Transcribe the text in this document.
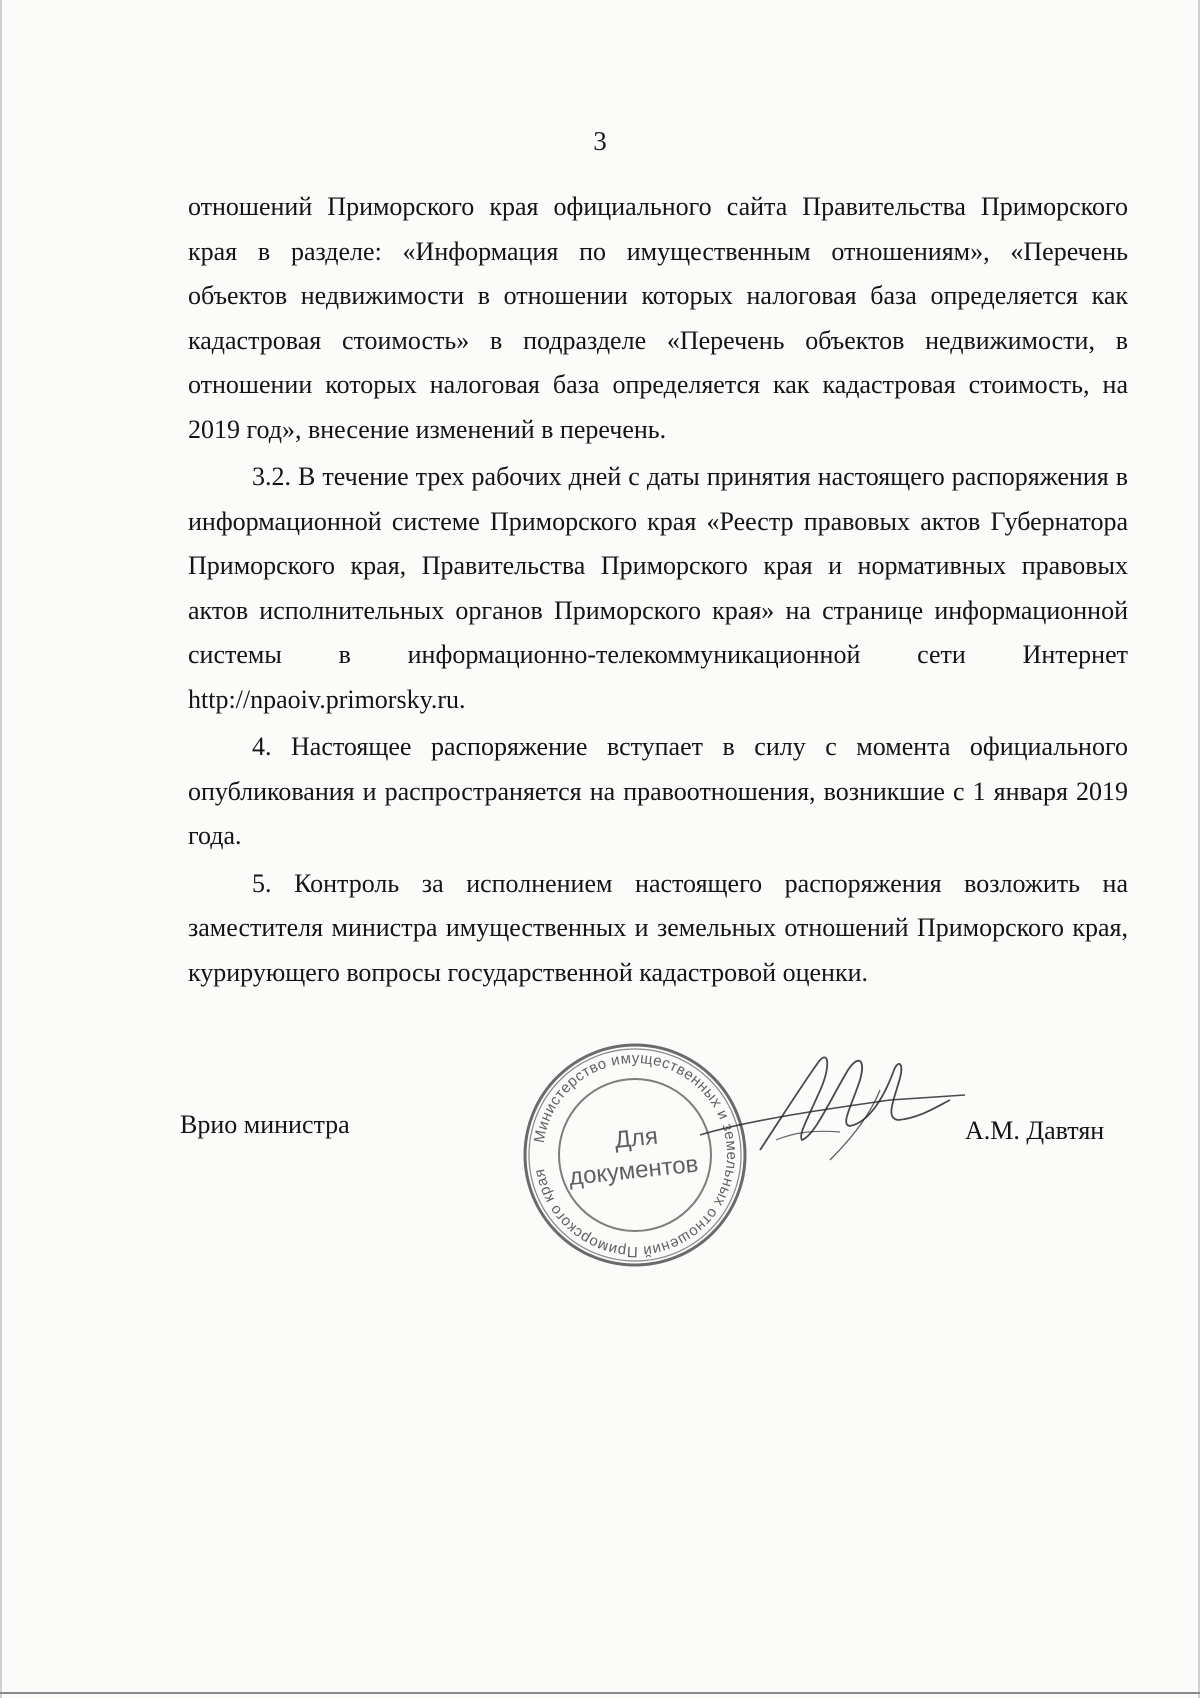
3

отношений Приморского края официального сайта Правительства Приморского края в разделе: «Информация по имущественным отношениям», «Перечень объектов недвижимости в отношении которых налоговая база определяется как кадастровая стоимость» в подразделе «Перечень объектов недвижимости, в отношении которых налоговая база определяется как кадастровая стоимость, на 2019 год», внесение изменений в перечень.

3.2. В течение трех рабочих дней с даты принятия настоящего распоряжения в информационной системе Приморского края «Реестр правовых актов Губернатора Приморского края, Правительства Приморского края и нормативных правовых актов исполнительных органов Приморского края» на странице информационной системы в информационно-телекоммуникационной сети Интернет http://npaoiv.primorsky.ru.

4. Настоящее распоряжение вступает в силу с момента официального опубликования и распространяется на правоотношения, возникшие с 1 января 2019 года.

5. Контроль за исполнением настоящего распоряжения возложить на заместителя министра имущественных и земельных отношений Приморского края, курирующего вопросы государственной кадастровой оценки.

Врио министра	Министерство имущественных и земельных отношений Приморского края
Для
документов
А.М. Давтян
